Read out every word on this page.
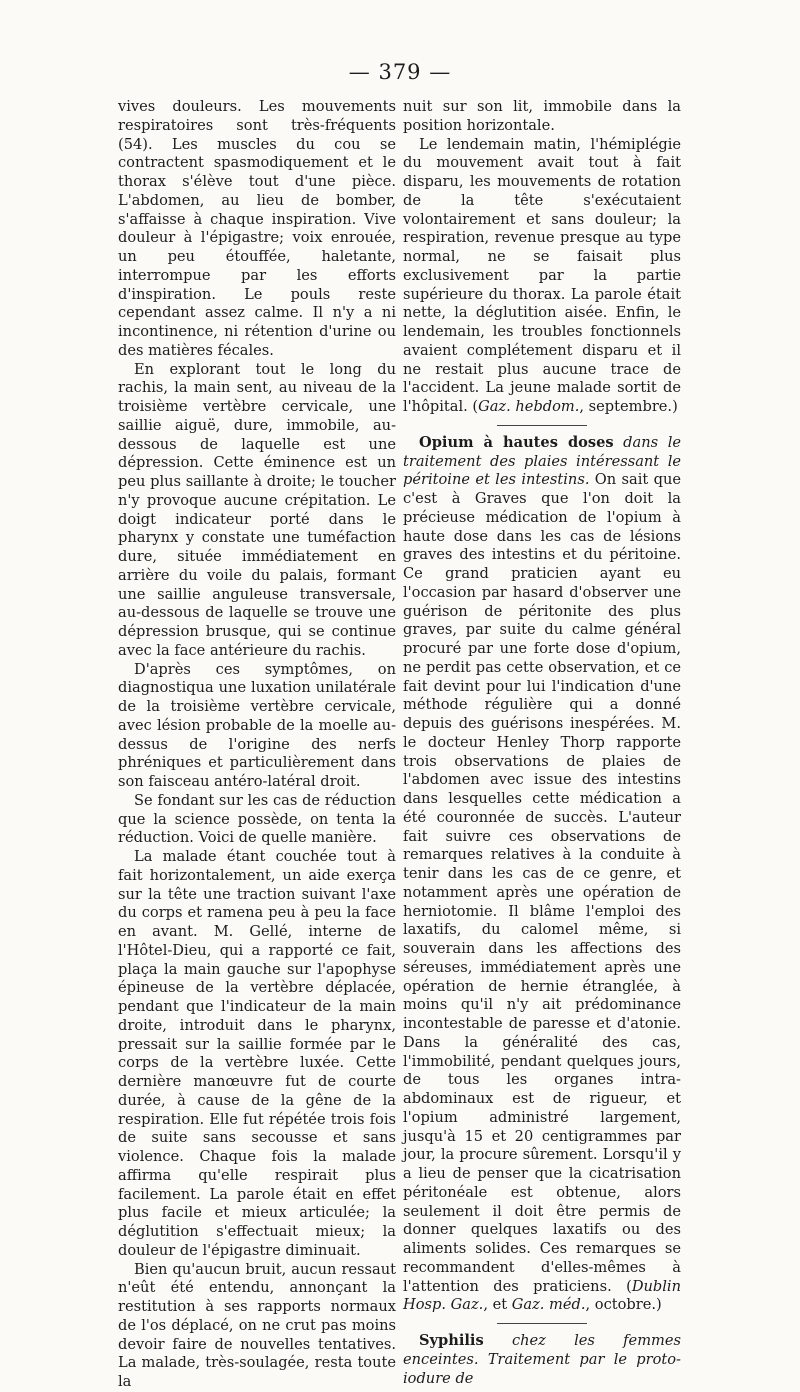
— 379 —

vives douleurs. Les mouvements respiratoires sont très-fréquents (54). Les muscles du cou se contractent spasmodiquement et le thorax s'élève tout d'une pièce. L'abdomen, au lieu de bomber, s'affaisse à chaque inspiration. Vive douleur à l'épigastre; voix enrouée, un peu étouffée, haletante, interrompue par les efforts d'inspiration. Le pouls reste cependant assez calme. Il n'y a ni incontinence, ni rétention d'urine ou des matières fécales.

En explorant tout le long du rachis, la main sent, au niveau de la troisième vertèbre cervicale, une saillie aiguë, dure, immobile, au-dessous de laquelle est une dépression. Cette éminence est un peu plus saillante à droite; le toucher n'y provoque aucune crépitation. Le doigt indicateur porté dans le pharynx y constate une tuméfaction dure, située immédiatement en arrière du voile du palais, formant une saillie anguleuse transversale, au-dessous de laquelle se trouve une dépression brusque, qui se continue avec la face antérieure du rachis.

D'après ces symptômes, on diagnostiqua une luxation unilatérale de la troisième vertèbre cervicale, avec lésion probable de la moelle au-dessus de l'origine des nerfs phréniques et particulièrement dans son faisceau antéro-latéral droit.

Se fondant sur les cas de réduction que la science possède, on tenta la réduction. Voici de quelle manière.

La malade étant couchée tout à fait horizontalement, un aide exerça sur la tête une traction suivant l'axe du corps et ramena peu à peu la face en avant. M. Gellé, interne de l'Hôtel-Dieu, qui a rapporté ce fait, plaça la main gauche sur l'apophyse épineuse de la vertèbre déplacée, pendant que l'indicateur de la main droite, introduit dans le pharynx, pressait sur la saillie formée par le corps de la vertèbre luxée. Cette dernière manœuvre fut de courte durée, à cause de la gêne de la respiration. Elle fut répétée trois fois de suite sans secousse et sans violence. Chaque fois la malade affirma qu'elle respirait plus facilement. La parole était en effet plus facile et mieux articulée; la déglutition s'effectuait mieux; la douleur de l'épigastre diminuait.

Bien qu'aucun bruit, aucun ressaut n'eût été entendu, annonçant la restitution à ses rapports normaux de l'os déplacé, on ne crut pas moins devoir faire de nouvelles tentatives. La malade, très-soulagée, resta toute la

nuit sur son lit, immobile dans la position horizontale.

Le lendemain matin, l'hémiplégie du mouvement avait tout à fait disparu, les mouvements de rotation de la tête s'exécutaient volontairement et sans douleur; la respiration, revenue presque au type normal, ne se faisait plus exclusivement par la partie supérieure du thorax. La parole était nette, la déglutition aisée. Enfin, le lendemain, les troubles fonctionnels avaient complétement disparu et il ne restait plus aucune trace de l'accident. La jeune malade sortit de l'hôpital. (Gaz. hebdom., septembre.)

Opium à hautes doses dans le traitement des plaies intéressant le péritoine et les intestins. On sait que c'est à Graves que l'on doit la précieuse médication de l'opium à haute dose dans les cas de lésions graves des intestins et du péritoine. Ce grand praticien ayant eu l'occasion par hasard d'observer une guérison de péritonite des plus graves, par suite du calme général procuré par une forte dose d'opium, ne perdit pas cette observation, et ce fait devint pour lui l'indication d'une méthode régulière qui a donné depuis des guérisons inespérées. M. le docteur Henley Thorp rapporte trois observations de plaies de l'abdomen avec issue des intestins dans lesquelles cette médication a été couronnée de succès. L'auteur fait suivre ces observations de remarques relatives à la conduite à tenir dans les cas de ce genre, et notamment après une opération de herniotomie. Il blâme l'emploi des laxatifs, du calomel même, si souverain dans les affections des séreuses, immédiatement après une opération de hernie étranglée, à moins qu'il n'y ait prédominance incontestable de paresse et d'atonie. Dans la généralité des cas, l'immobilité, pendant quelques jours, de tous les organes intra-abdominaux est de rigueur, et l'opium administré largement, jusqu'à 15 et 20 centigrammes par jour, la procure sûrement. Lorsqu'il y a lieu de penser que la cicatrisation péritonéale est obtenue, alors seulement il doit être permis de donner quelques laxatifs ou des aliments solides. Ces remarques se recommandent d'elles-mêmes à l'attention des praticiens. (Dublin Hosp. Gaz., et Gaz. méd., octobre.)

Syphilis chez les femmes enceintes. Traitement par le proto-iodure de
